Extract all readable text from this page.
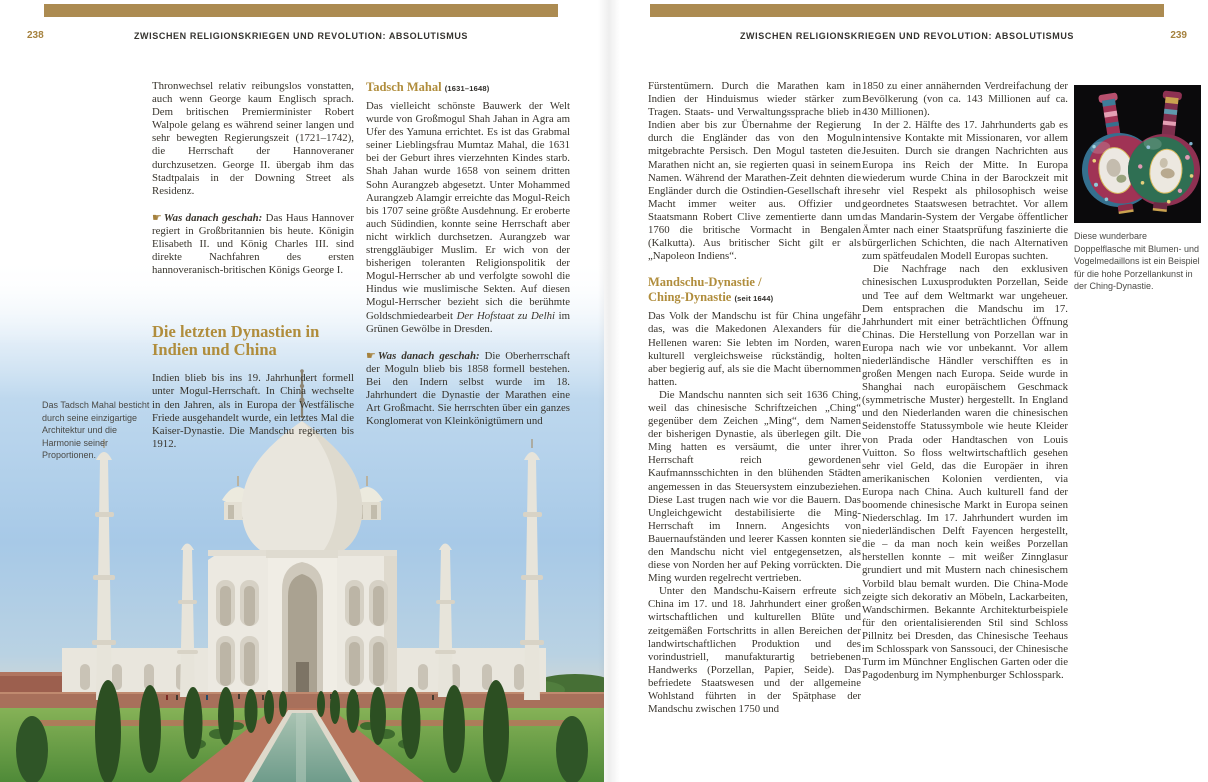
238	ZWISCHEN RELIGIONSKRIEGEN UND REVOLUTION: ABSOLUTISMUS
Das Tadsch Mahal besticht durch seine einzigartige Architektur und die Harmonie seiner Proportionen.

Thronwechsel relativ reibungslos vonstatten, auch wenn George kaum Englisch sprach. Dem britischen Premierminister Robert Walpole gelang es während seiner langen und sehr bewegten Regierungszeit (1721–1742), die Herrschaft der Hannoveraner durchzusetzen. George II. übergab ihm das Stadtpalais in der Downing Street als Residenz.

☛ Was danach geschah: Das Haus Hannover regiert in Großbritannien bis heute. Königin Elisabeth II. und König Charles III. sind direkte Nachfahren des ersten hannoveranisch-britischen Königs George I.

Die letzten Dynastien in Indien und China

Indien blieb bis ins 19. Jahrhundert formell unter Mogul-Herrschaft. In China wechselte in den Jahren, als in Europa der Westfälische Friede ausgehandelt wurde, ein letztes Mal die Kaiser-Dynastie. Die Mandschu regierten bis 1912.

Tadsch Mahal (1631–1648)

Das vielleicht schönste Bauwerk der Welt wurde von Großmogul Shah Jahan in Agra am Ufer des Yamuna errichtet. Es ist das Grabmal seiner Lieblingsfrau Mumtaz Mahal, die 1631 bei der Geburt ihres vierzehnten Kindes starb. Shah Jahan wurde 1658 von seinem dritten Sohn Aurangzeb abgesetzt. Unter Mohammed Aurangzeb Alamgir erreichte das Mogul-Reich bis 1707 seine größte Ausdehnung. Er eroberte auch Südindien, konnte seine Herrschaft aber nicht wirklich durchsetzen. Aurangzeb war strenggläubiger Muslim. Er wich von der bisherigen toleranten Religionspolitik der Mogul-Herrscher ab und verfolgte sowohl die Hindus wie muslimische Sekten. Auf diesen Mogul-Herrscher bezieht sich die berühmte Goldschmiedearbeit Der Hofstaat zu Delhi im Grünen Gewölbe in Dresden.

☛ Was danach geschah: Die Oberherrschaft der Moguln blieb bis 1858 formell bestehen. Bei den Indern selbst wurde im 18. Jahrhundert die Dynastie der Marathen eine Art Großmacht. Sie herrschten über ein ganzes Konglomerat von Kleinkönigtümern und

239
ZWISCHEN RELIGIONSKRIEGEN UND REVOLUTION: ABSOLUTISMUS

Fürstentümern. Durch die Marathen kam in Indien der Hinduismus wieder stärker zum Tragen. Staats- und Verwaltungssprache blieb in Indien aber bis zur Übernahme der Regierung durch die Engländer das von den Moguln mitgebrachte Persisch. Den Mogul tasteten die Marathen nicht an, sie regierten quasi in seinem Namen. Während der Marathen-Zeit dehnten die Engländer durch die Ostindien-Gesellschaft ihre Macht immer weiter aus. Offizier und Staatsmann Robert Clive zementierte dann um 1760 die britische Vormacht in Bengalen (Kalkutta). Aus britischer Sicht gilt er als „Napoleon Indiens“.

Mandschu-Dynastie /
Ching-Dynastie (seit 1644)

Das Volk der Mandschu ist für China ungefähr das, was die Makedonen Alexanders für die Hellenen waren: Sie lebten im Norden, waren kulturell vergleichsweise rückständig, holten aber begierig auf, als sie die Macht übernommen hatten.

Die Mandschu nannten sich seit 1636 Ching, weil das chinesische Schriftzeichen „Ching“ gegenüber dem Zeichen „Ming“, dem Namen der bisherigen Dynastie, als überlegen gilt. Die Ming hatten es versäumt, die unter ihrer Herrschaft reich gewordenen Kaufmannsschichten in den blühenden Städten angemessen in das Steuersystem einzubeziehen. Diese Last trugen nach wie vor die Bauern. Das Ungleichgewicht destabilisierte die Ming-Herrschaft im Innern. Angesichts von Bauernaufständen und leerer Kassen konnten sie den Mandschu nicht viel entgegensetzen, als diese von Norden her auf Peking vorrückten. Die Ming wurden regelrecht vertrieben.

Unter den Mandschu-Kaisern erfreute sich China im 17. und 18. Jahrhundert einer großen wirtschaftlichen und kulturellen Blüte und zeitgemäßen Fortschritts in allen Bereichen der landwirtschaftlichen Produktion und des vorindustriell, manufakturartig betriebenen Handwerks (Porzellan, Papier, Seide). Das befriedete Staatswesen und der allgemeine Wohlstand führten in der Spätphase der Mandschu zwischen 1750 und

1850 zu einer annähernden Verdreifachung der Bevölkerung (von ca. 143 Millionen auf ca. 430 Millionen).

In der 2. Hälfte des 17. Jahrhunderts gab es intensive Kontakte mit Missionaren, vor allem Jesuiten. Durch sie drangen Nachrichten aus Europa ins Reich der Mitte. In Europa wiederum wurde China in der Barockzeit mit sehr viel Respekt als philosophisch weise geordnetes Staatswesen betrachtet. Vor allem das Mandarin-System der Vergabe öffentlicher Ämter nach einer Staatsprüfung faszinierte die bürgerlichen Schichten, die nach Alternativen zum spätfeudalen Modell Europas suchten.

Die Nachfrage nach den exklusiven chinesischen Luxusprodukten Porzellan, Seide und Tee auf dem Weltmarkt war ungeheuer. Dem entsprachen die Mandschu im 17. Jahrhundert mit einer beträchtlichen Öffnung Chinas. Die Herstellung von Porzellan war in Europa nach wie vor unbekannt. Vor allem niederländische Händler verschifften es in großen Mengen nach Europa. Seide wurde in Shanghai nach europäischem Geschmack (symmetrische Muster) hergestellt. In England und den Niederlanden waren die chinesischen Seidenstoffe Statussymbole wie heute Kleider von Prada oder Handtaschen von Louis Vuitton. So floss weltwirtschaftlich gesehen sehr viel Geld, das die Europäer in ihren amerikanischen Kolonien verdienten, via Europa nach China. Auch kulturell fand der boomende chinesische Markt in Europa seinen Niederschlag. Im 17. Jahrhundert wurden im niederländischen Delft Fayencen hergestellt, die – da man noch kein weißes Porzellan herstellen konnte – mit weißer Zinnglasur grundiert und mit Mustern nach chinesischem Vorbild blau bemalt wurden. Die China-Mode zeigte sich dekorativ an Möbeln, Lackarbeiten, Wandschirmen. Bekannte Architekturbeispiele für den orientalisierenden Stil sind Schloss Pillnitz bei Dresden, das Chinesische Teehaus im Schlosspark von Sanssouci, der Chinesische Turm im Münchner Englischen Garten oder die Pagodenburg im Nymphenburger Schlosspark.

Diese wunderbare Doppelflasche mit Blumen- und Vogelmedaillons ist ein Beispiel für die hohe Porzellankunst in der Ching-Dynastie.
